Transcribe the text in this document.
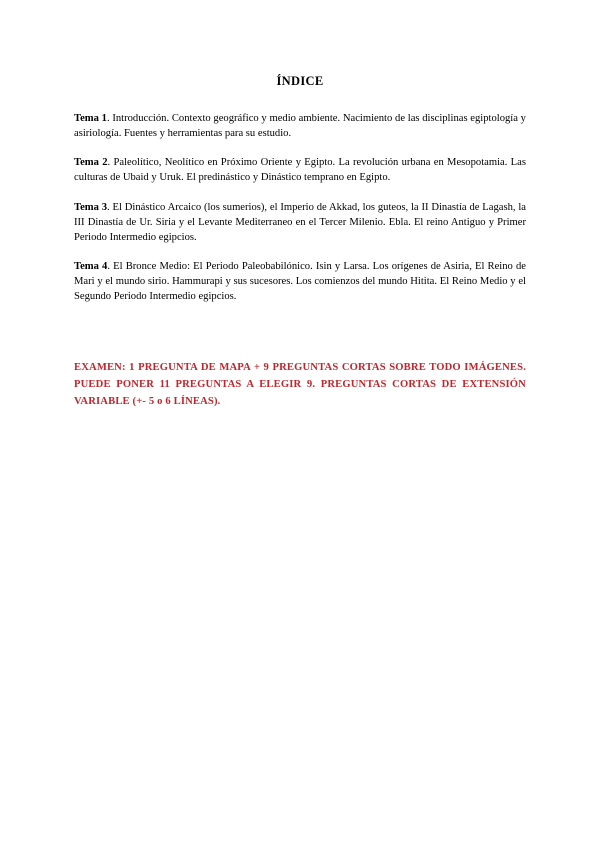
ÍNDICE
Tema 1. Introducción. Contexto geográfico y medio ambiente. Nacimiento de las disciplinas egiptología y asiriología. Fuentes y herramientas para su estudio.
Tema 2. Paleolítico, Neolítico en Próximo Oriente y Egipto. La revolución urbana en Mesopotamia. Las culturas de Ubaid y Uruk. El predinástico y Dinástico temprano en Egipto.
Tema 3. El Dinástico Arcaico (los sumerios), el Imperio de Akkad, los guteos, la II Dinastía de Lagash, la III Dinastía de Ur. Siria y el Levante Mediterraneo en el Tercer Milenio. Ebla. El reino Antiguo y Primer Periodo Intermedio egipcios.
Tema 4. El Bronce Medio: El Periodo Paleobabilónico. Isin y Larsa. Los orígenes de Asiria, El Reino de Mari y el mundo sirio. Hammurapi y sus sucesores. Los comienzos del mundo Hitita. El Reino Medio y el Segundo Periodo Intermedio egipcios.
EXAMEN: 1 PREGUNTA DE MAPA + 9 PREGUNTAS CORTAS SOBRE TODO IMÁGENES. PUEDE PONER 11 PREGUNTAS A ELEGIR 9. PREGUNTAS CORTAS DE EXTENSIÓN VARIABLE (+- 5 o 6 LÍNEAS).
